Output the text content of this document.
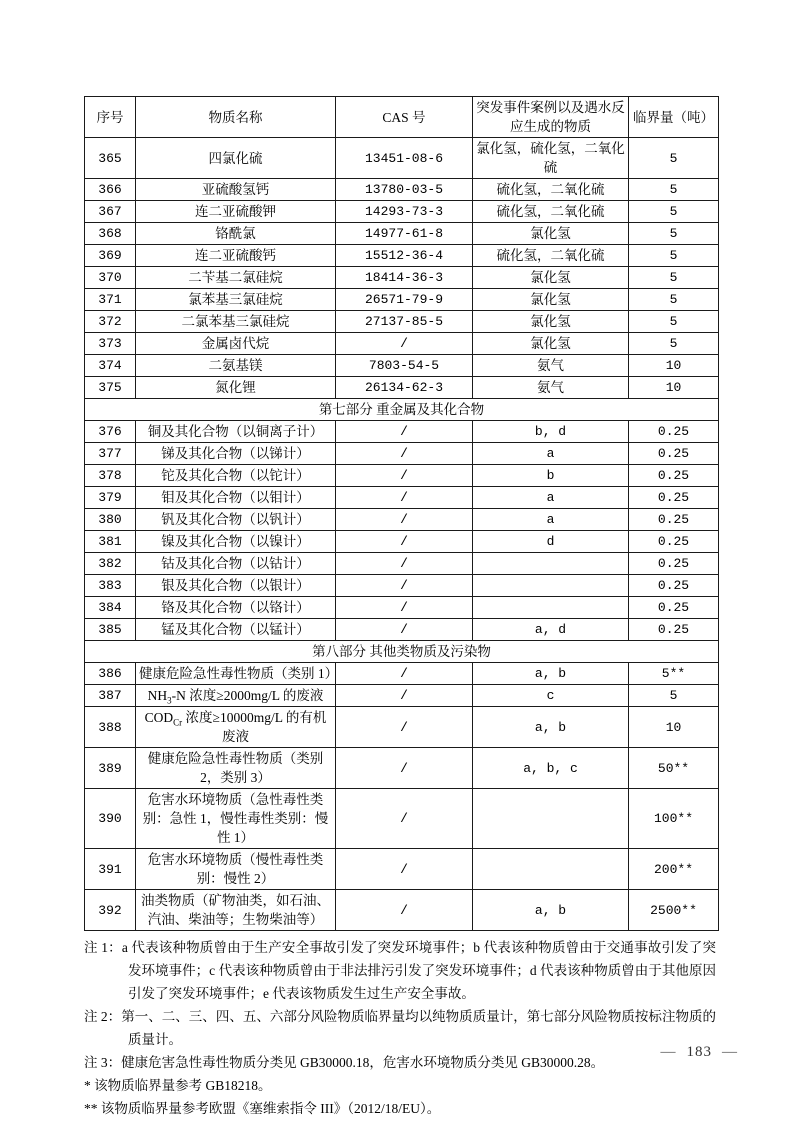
序号	物质名称	CAS 号	突发事件案例以及遇水反应生成的物质	临界量（吨）
365	四氯化硫	13451-08-6	氯化氢，硫化氢，二氧化硫	5
366	亚硫酸氢钙	13780-03-5	硫化氢，二氧化硫	5
367	连二亚硫酸钾	14293-73-3	硫化氢，二氧化硫	5
368	铬酰氯	14977-61-8	氯化氢	5
369	连二亚硫酸钙	15512-36-4	硫化氢，二氧化硫	5
370	二苄基二氯硅烷	18414-36-3	氯化氢	5
371	氯苯基三氯硅烷	26571-79-9	氯化氢	5
372	二氯苯基三氯硅烷	27137-85-5	氯化氢	5
373	金属卤代烷	/	氯化氢	5
374	二氨基镁	7803-54-5	氨气	10
375	氮化锂	26134-62-3	氨气	10
第七部分 重金属及其化合物				
376	铜及其化合物（以铜离子计）	/	b, d	0.25
377	锑及其化合物（以锑计）	/	a	0.25
378	铊及其化合物（以铊计）	/	b	0.25
379	钼及其化合物（以钼计）	/	a	0.25
380	钒及其化合物（以钒计）	/	a	0.25
381	镍及其化合物（以镍计）	/	d	0.25
382	钴及其化合物（以钴计）	/		0.25
383	银及其化合物（以银计）	/		0.25
384	铬及其化合物（以铬计）	/		0.25
385	锰及其化合物（以锰计）	/	a, d	0.25
第八部分 其他类物质及污染物				
386	健康危险急性毒性物质（类别 1）	/	a, b	5**
387	$NH_3-N$ 浓度≥2000mg/L 的废液	/	c	5
388	$COD_{Cr}$ 浓度≥10000mg/L 的有机废液	/	a, b	10
389	健康危险急性毒性物质（类别 2，类别 3）	/	a, b, c	50**
390	危害水环境物质（急性毒性类别：急性 1，慢性毒性类别：慢性 1）	/		100**
391	危害水环境物质（慢性毒性类别：慢性 2）	/		200**
392	油类物质（矿物油类，如石油、汽油、柴油等；生物柴油等）	/	a, b	2500**
注 1：a 代表该种物质曾由于生产安全事故引发了突发环境事件；b 代表该种物质曾由于交通事故引发了突发环境事件；c 代表该种物质曾由于非法排污引发了突发环境事件；d 代表该种物质曾由于其他原因引发了突发环境事件；e 代表该物质发生过生产安全事故。
注 2：第一、二、三、四、五、六部分风险物质临界量均以纯物质质量计，第七部分风险物质按标注物质的质量计。
注 3：健康危害急性毒性物质分类见 GB30000.18，危害水环境物质分类见 GB30000.28。
* 该物质临界量参考 GB18218。
** 该物质临界量参考欧盟《塞维索指令 III》（2012/18/EU）。
— 183 —
